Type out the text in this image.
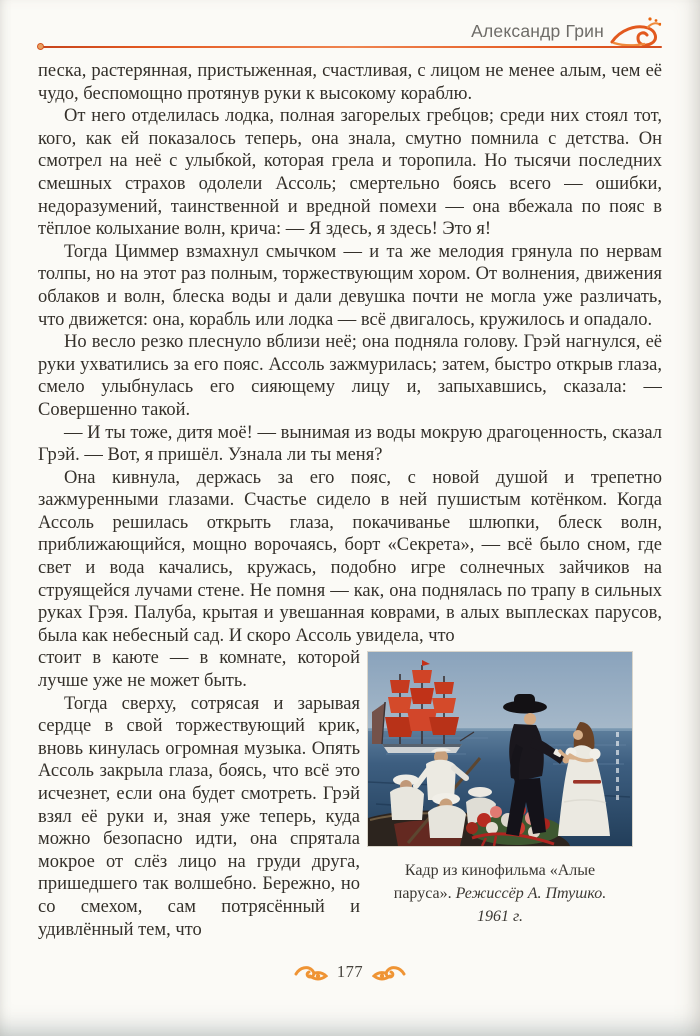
Александр Грин

песка, растерянная, пристыженная, счастливая, с лицом не менее алым, чем её чудо, беспомощно протянув руки к высокому кораблю.

От него отделилась лодка, полная загорелых гребцов; среди них стоял тот, кого, как ей показалось теперь, она знала, смутно помнила с детства. Он смотрел на неё с улыбкой, которая грела и торопила. Но тысячи последних смешных страхов одолели Ассоль; смертельно боясь всего — ошибки, недоразумений, таинственной и вредной помехи — она вбежала по пояс в тёплое колыхание волн, крича: — Я здесь, я здесь! Это я!

Тогда Циммер взмахнул смычком — и та же мелодия грянула по нервам толпы, но на этот раз полным, торжествующим хором. От волнения, движения облаков и волн, блеска воды и дали девушка почти не могла уже различать, что движется: она, корабль или лодка — всё двигалось, кружилось и опадало.

Но весло резко плеснуло вблизи неё; она подняла голову. Грэй нагнулся, её руки ухватились за его пояс. Ассоль зажмурилась; затем, быстро открыв глаза, смело улыбнулась его сияющему лицу и, запыхавшись, сказала: — Совершенно такой.

— И ты тоже, дитя моё! — вынимая из воды мокрую драгоценность, сказал Грэй. — Вот, я пришёл. Узнала ли ты меня?

Она кивнула, держась за его пояс, с новой душой и трепетно зажмуренными глазами. Счастье сидело в ней пушистым котёнком. Когда Ассоль решилась открыть глаза, покачиванье шлюпки, блеск волн, приближающийся, мощно ворочаясь, борт «Секрета», — всё было сном, где свет и вода качались, кружась, подобно игре солнечных зайчиков на струящейся лучами стене. Не помня — как, она поднялась по трапу в сильных руках Грэя. Палуба, крытая и увешанная коврами, в алых выплесках парусов, была как небесный сад. И скоро Ассоль увидела, что

стоит в каюте — в комнате, которой лучше уже не может быть.

Тогда сверху, сотрясая и зарывая сердце в свой торжествующий крик, вновь кинулась огромная музыка. Опять Ассоль закрыла глаза, боясь, что всё это исчезнет, если она будет смотреть. Грэй взял её руки и, зная уже теперь, куда можно безопасно идти, она спрятала мокрое от слёз лицо на груди друга, пришедшего так волшебно. Бережно, но со смехом, сам потрясённый и удивлённый тем, что

Кадр из кинофильма «Алые паруса». Режиссёр А. Птушко. 1961 г.
177
